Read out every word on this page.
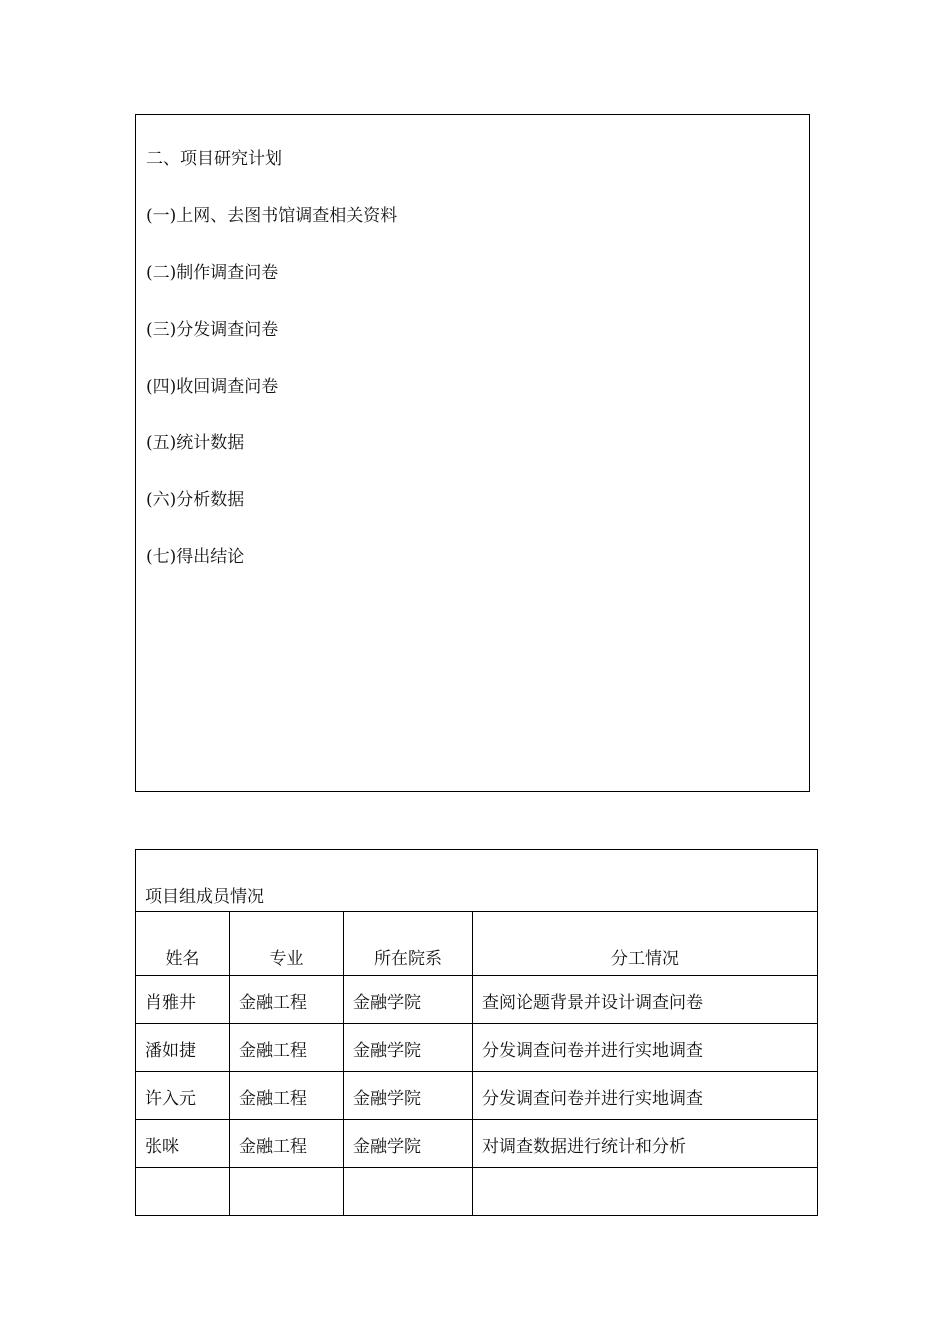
二、项目研究计划
(一)上网、去图书馆调查相关资料
(二)制作调查问卷
(三)分发调查问卷
(四)收回调查问卷
(五)统计数据
(六)分析数据
(七)得出结论
项目组成员情况			
姓名	专业	所在院系	分工情况
肖雅井	金融工程	金融学院	查阅论题背景并设计调查问卷
潘如捷	金融工程	金融学院	分发调查问卷并进行实地调查
许入元	金融工程	金融学院	分发调查问卷并进行实地调查
张咪	金融工程	金融学院	对调查数据进行统计和分析
